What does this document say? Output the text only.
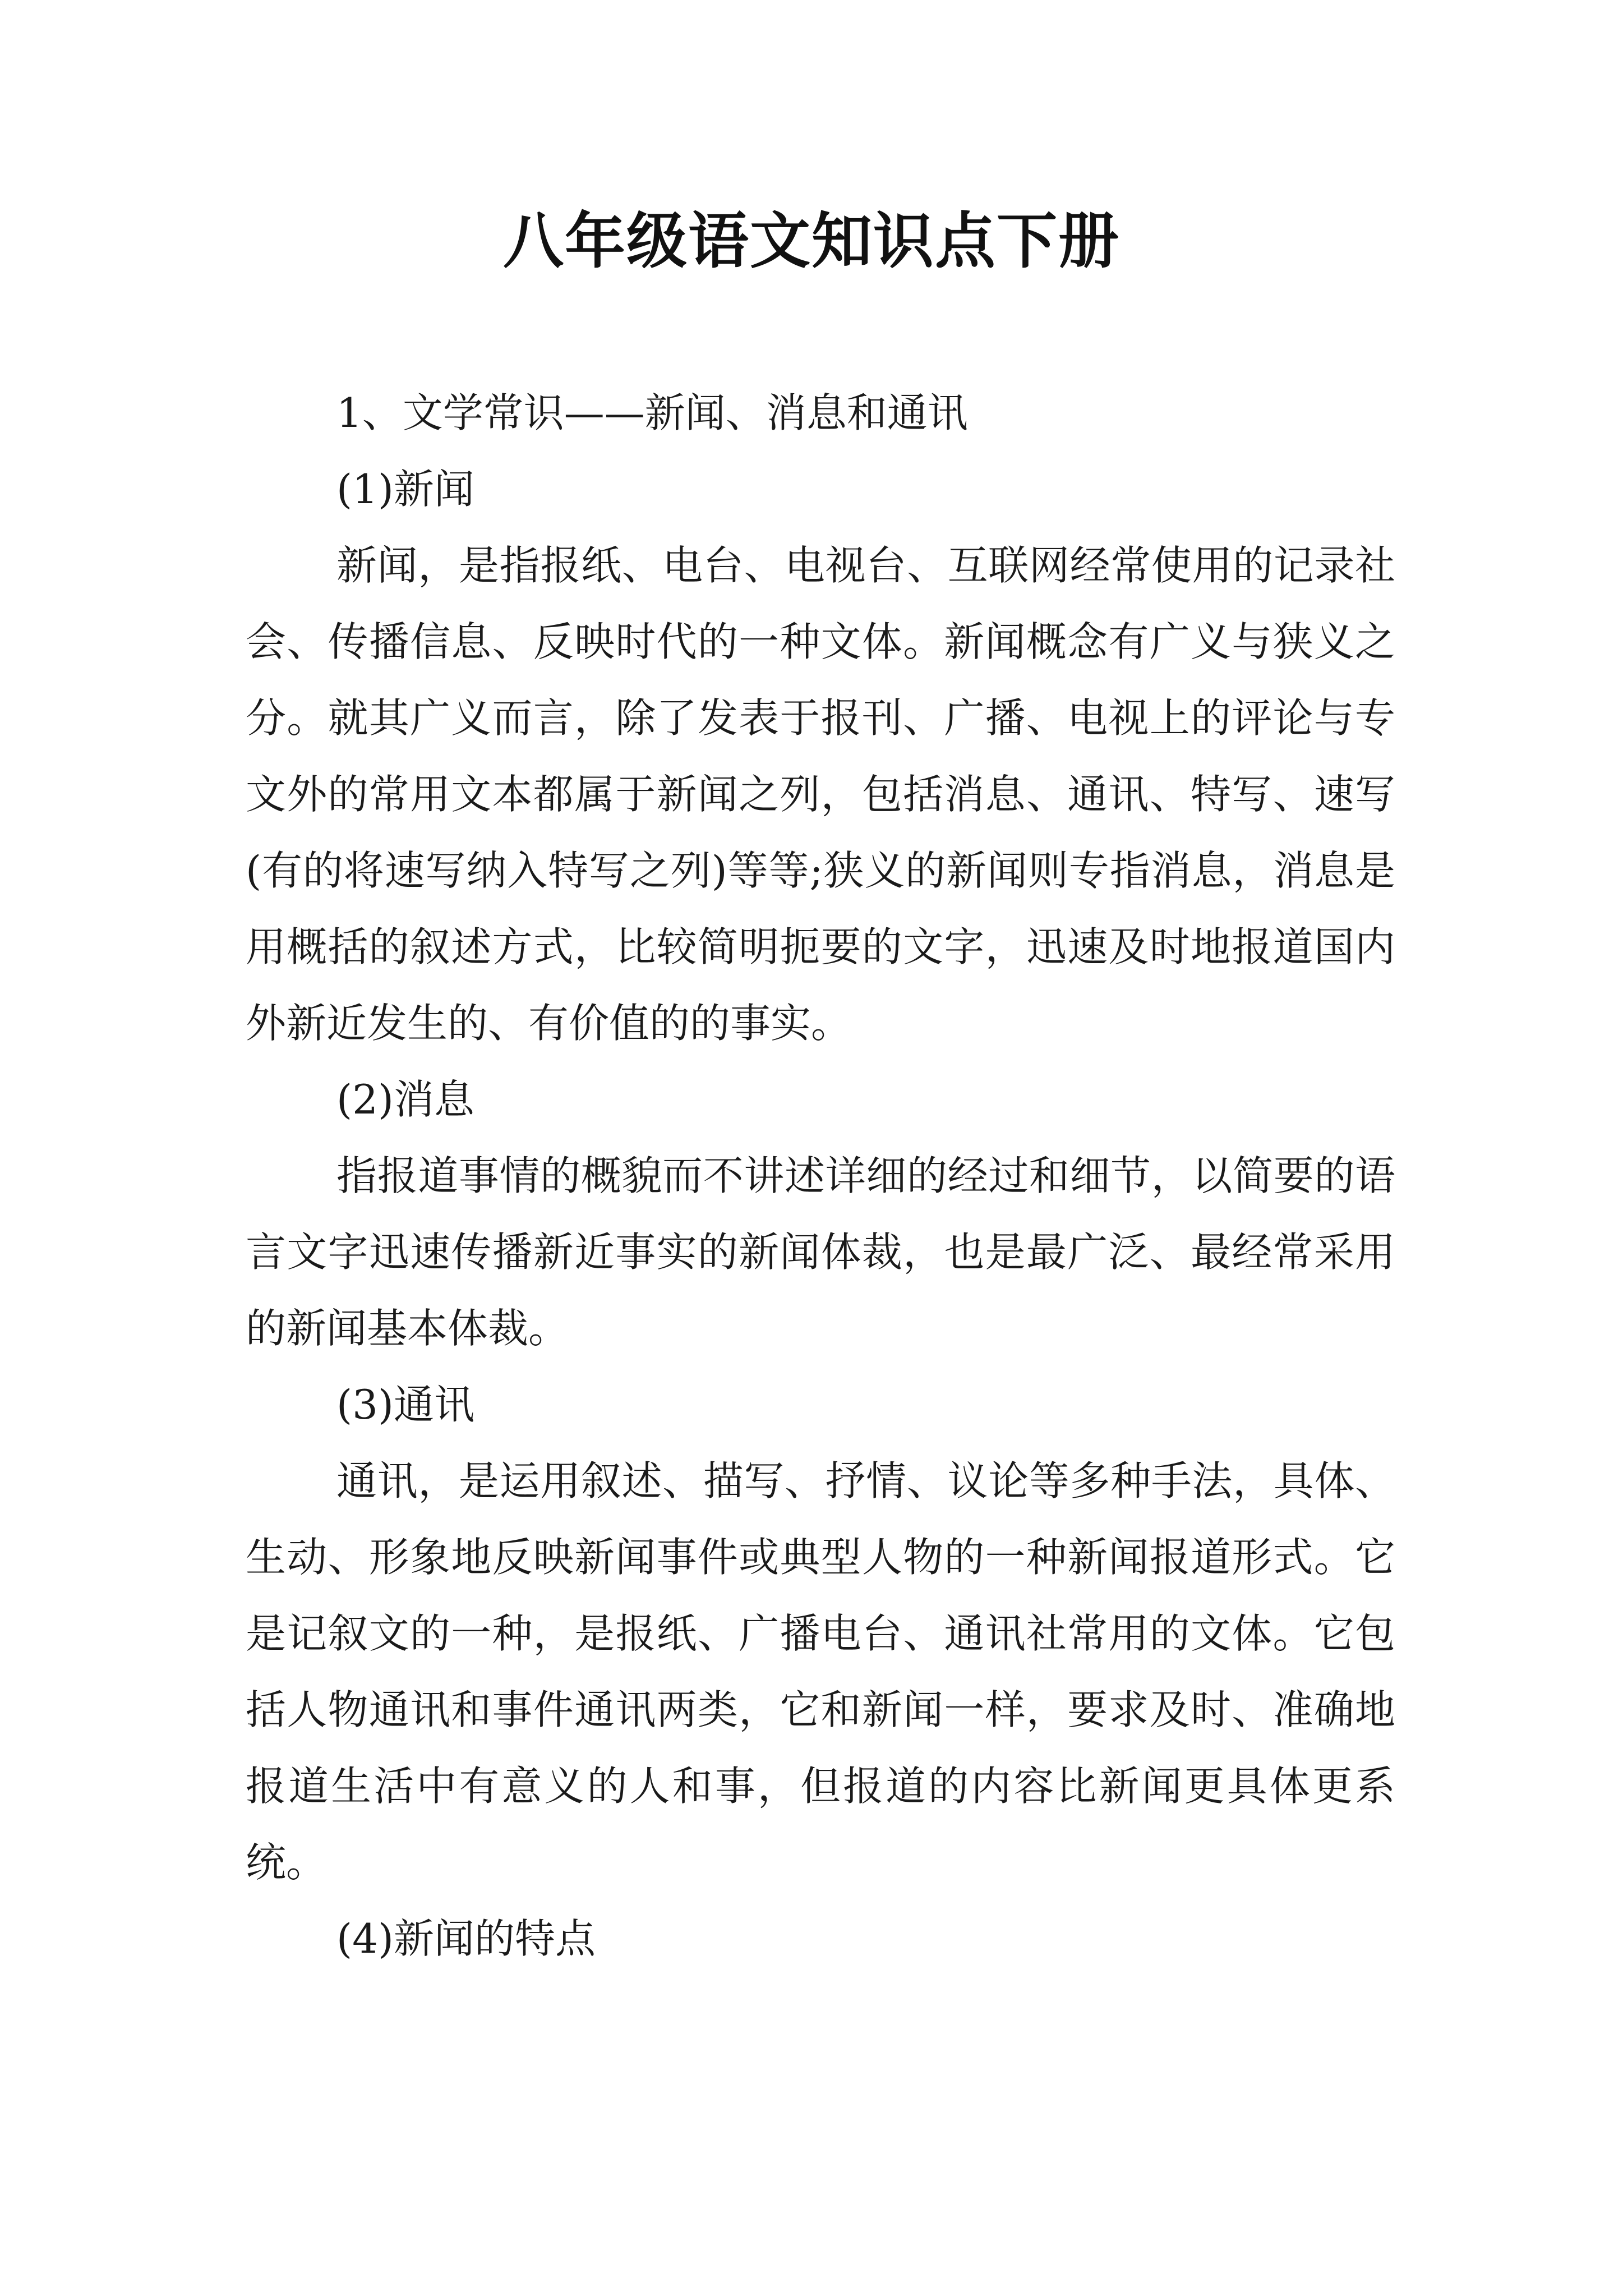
八年级语文知识点下册

1、文学常识——新闻、消息和通讯

(1)新闻

新闻，是指报纸、电台、电视台、互联网经常使用的记录社会、传播信息、反映时代的一种文体。新闻概念有广义与狭义之分。就其广义而言，除了发表于报刊、广播、电视上的评论与专文外的常用文本都属于新闻之列，包括消息、通讯、特写、速写(有的将速写纳入特写之列)等等;狭义的新闻则专指消息，消息是用概括的叙述方式，比较简明扼要的文字，迅速及时地报道国内外新近发生的、有价值的的事实。

(2)消息

指报道事情的概貌而不讲述详细的经过和细节，以简要的语言文字迅速传播新近事实的新闻体裁，也是最广泛、最经常采用的新闻基本体裁。

(3)通讯

通讯，是运用叙述、描写、抒情、议论等多种手法，具体、生动、形象地反映新闻事件或典型人物的一种新闻报道形式。它是记叙文的一种，是报纸、广播电台、通讯社常用的文体。它包括人物通讯和事件通讯两类，它和新闻一样，要求及时、准确地报道生活中有意义的人和事，但报道的内容比新闻更具体更系统。

(4)新闻的特点
